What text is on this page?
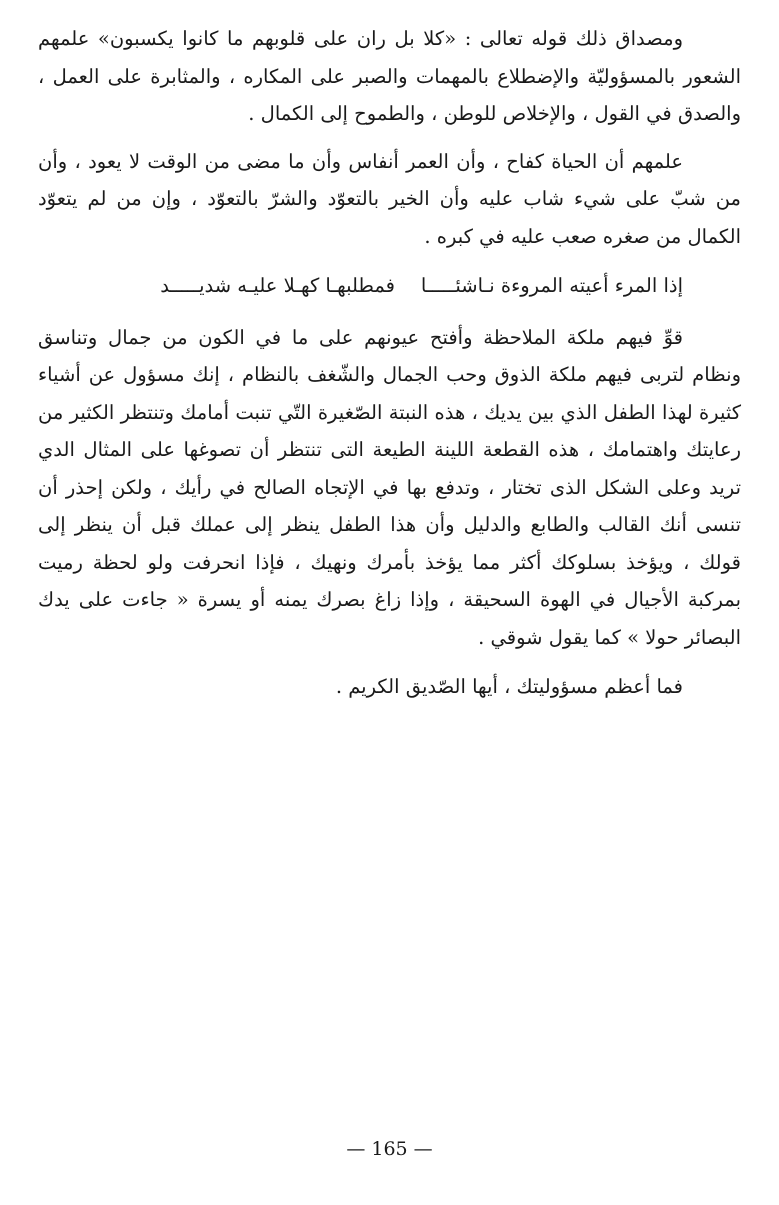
ومصداق ذلك قوله تعالى : «كلا بل ران على قلوبهم ما كانوا يكسبون» علمهم الشعور بالمسؤوليّة والإضطلاع بالمهمات والصبر على المكاره ، والمثابرة على العمل ، والصدق في القول ، والإخلاص للوطن ، والطموح إلى الكمال .

علمهم أن الحياة كفاح ، وأن العمر أنفاس وأن ما مضى من الوقت لا يعود ، وأن من شبّ على شيء شاب عليه وأن الخير بالتعوّد والشرّ بالتعوّد ، وإن من لم يتعوّد الكمال من صغره صعب عليه في كبره .

إذا المرء أعيته المروءة نـاشئـــــا
فمطلبهـا كهـلا عليـه شديـــــد

قوِّ فيهم ملكة الملاحظة وأفتح عيونهم على ما في الكون من جمال وتناسق ونظام لتربى فيهم ملكة الذوق وحب الجمال والشّغف بالنظام ، إنك مسؤول عن أشياء كثيرة لهذا الطفل الذي بين يديك ، هذه النبتة الصّغيرة التّي تنبت أمامك وتنتظر الكثير من رعايتك واهتمامك ، هذه القطعة اللينة الطيعة التى تنتظر أن تصوغها على المثال الدي تريد وعلى الشكل الذى تختار ، وتدفع بها في الإتجاه الصالح في رأيك ، ولكن إحذر أن تنسى أنك القالب والطابع والدليل وأن هذا الطفل ينظر إلى عملك قبل أن ينظر إلى قولك ، ويؤخذ بسلوكك أكثر مما يؤخذ بأمرك ونهيك ، فإذا انحرفت ولو لحظة رميت بمركبة الأجيال في الهوة السحيقة ، وإذا زاغ بصرك يمنه أو يسرة « جاءت على يدك البصائر حولا » كما يقول شوقي .

فما أعظم مسؤوليتك ، أيها الصّديق الكريم .

— 165 —
